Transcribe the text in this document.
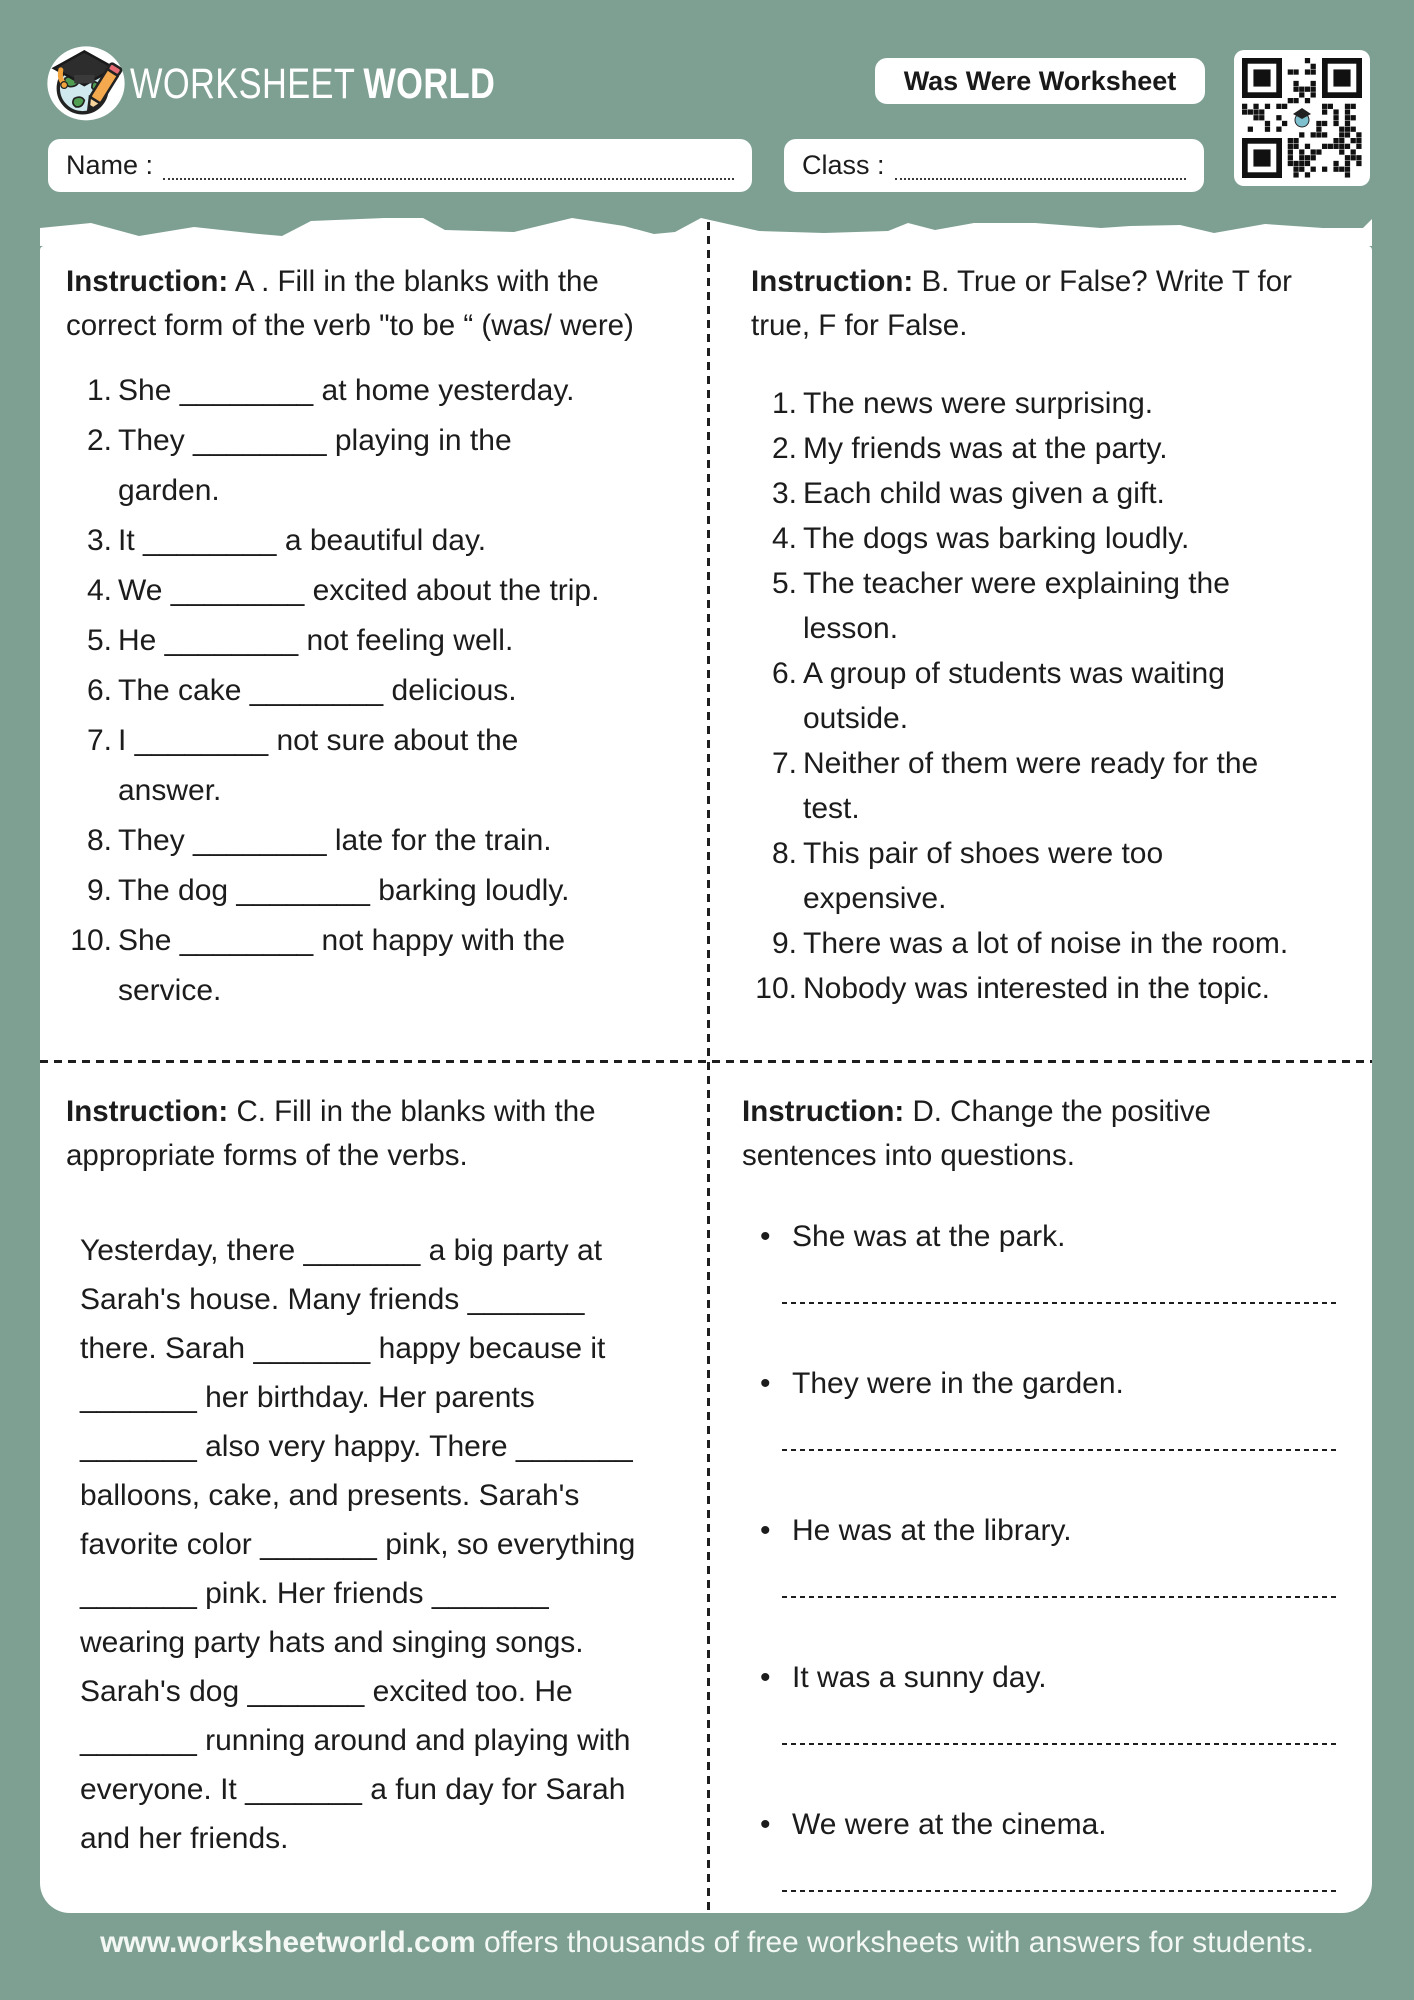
WORKSHEET WORLD	Was Were Worksheet
Name :	Class :
Instruction: A . Fill in the blanks with the correct form of the verb "to be “ (was/ were)
She ________ at home yesterday.
They ________ playing in the garden.
It ________ a beautiful day.
We ________ excited about the trip.
He ________ not feeling well.
The cake ________ delicious.
I ________ not sure about the answer.
They ________ late for the train.
The dog ________ barking loudly.
She ________ not happy with the service.
Instruction: B. True or False? Write T for true, F for False.
The news were surprising.
My friends was at the party.
Each child was given a gift.
The dogs was barking loudly.
The teacher were explaining the lesson.
A group of students was waiting outside.
Neither of them were ready for the test.
This pair of shoes were too expensive.
There was a lot of noise in the room.
Nobody was interested in the topic.
Instruction: C. Fill in the blanks with the appropriate forms of the verbs.
Yesterday, there _______ a big party at Sarah's house. Many friends _______ there. Sarah _______ happy because it _______ her birthday. Her parents _______ also very happy. There _______ balloons, cake, and presents. Sarah's favorite color _______ pink, so everything _______ pink. Her friends _______ wearing party hats and singing songs. Sarah's dog _______ excited too. He _______ running around and playing with everyone. It _______ a fun day for Sarah and her friends.
Instruction: D. Change the positive sentences into questions.
• She was at the park.
• They were in the garden.
• He was at the library.
• It was a sunny day.
• We were at the cinema.
www.worksheetworld.com offers thousands of free worksheets with answers for students.
